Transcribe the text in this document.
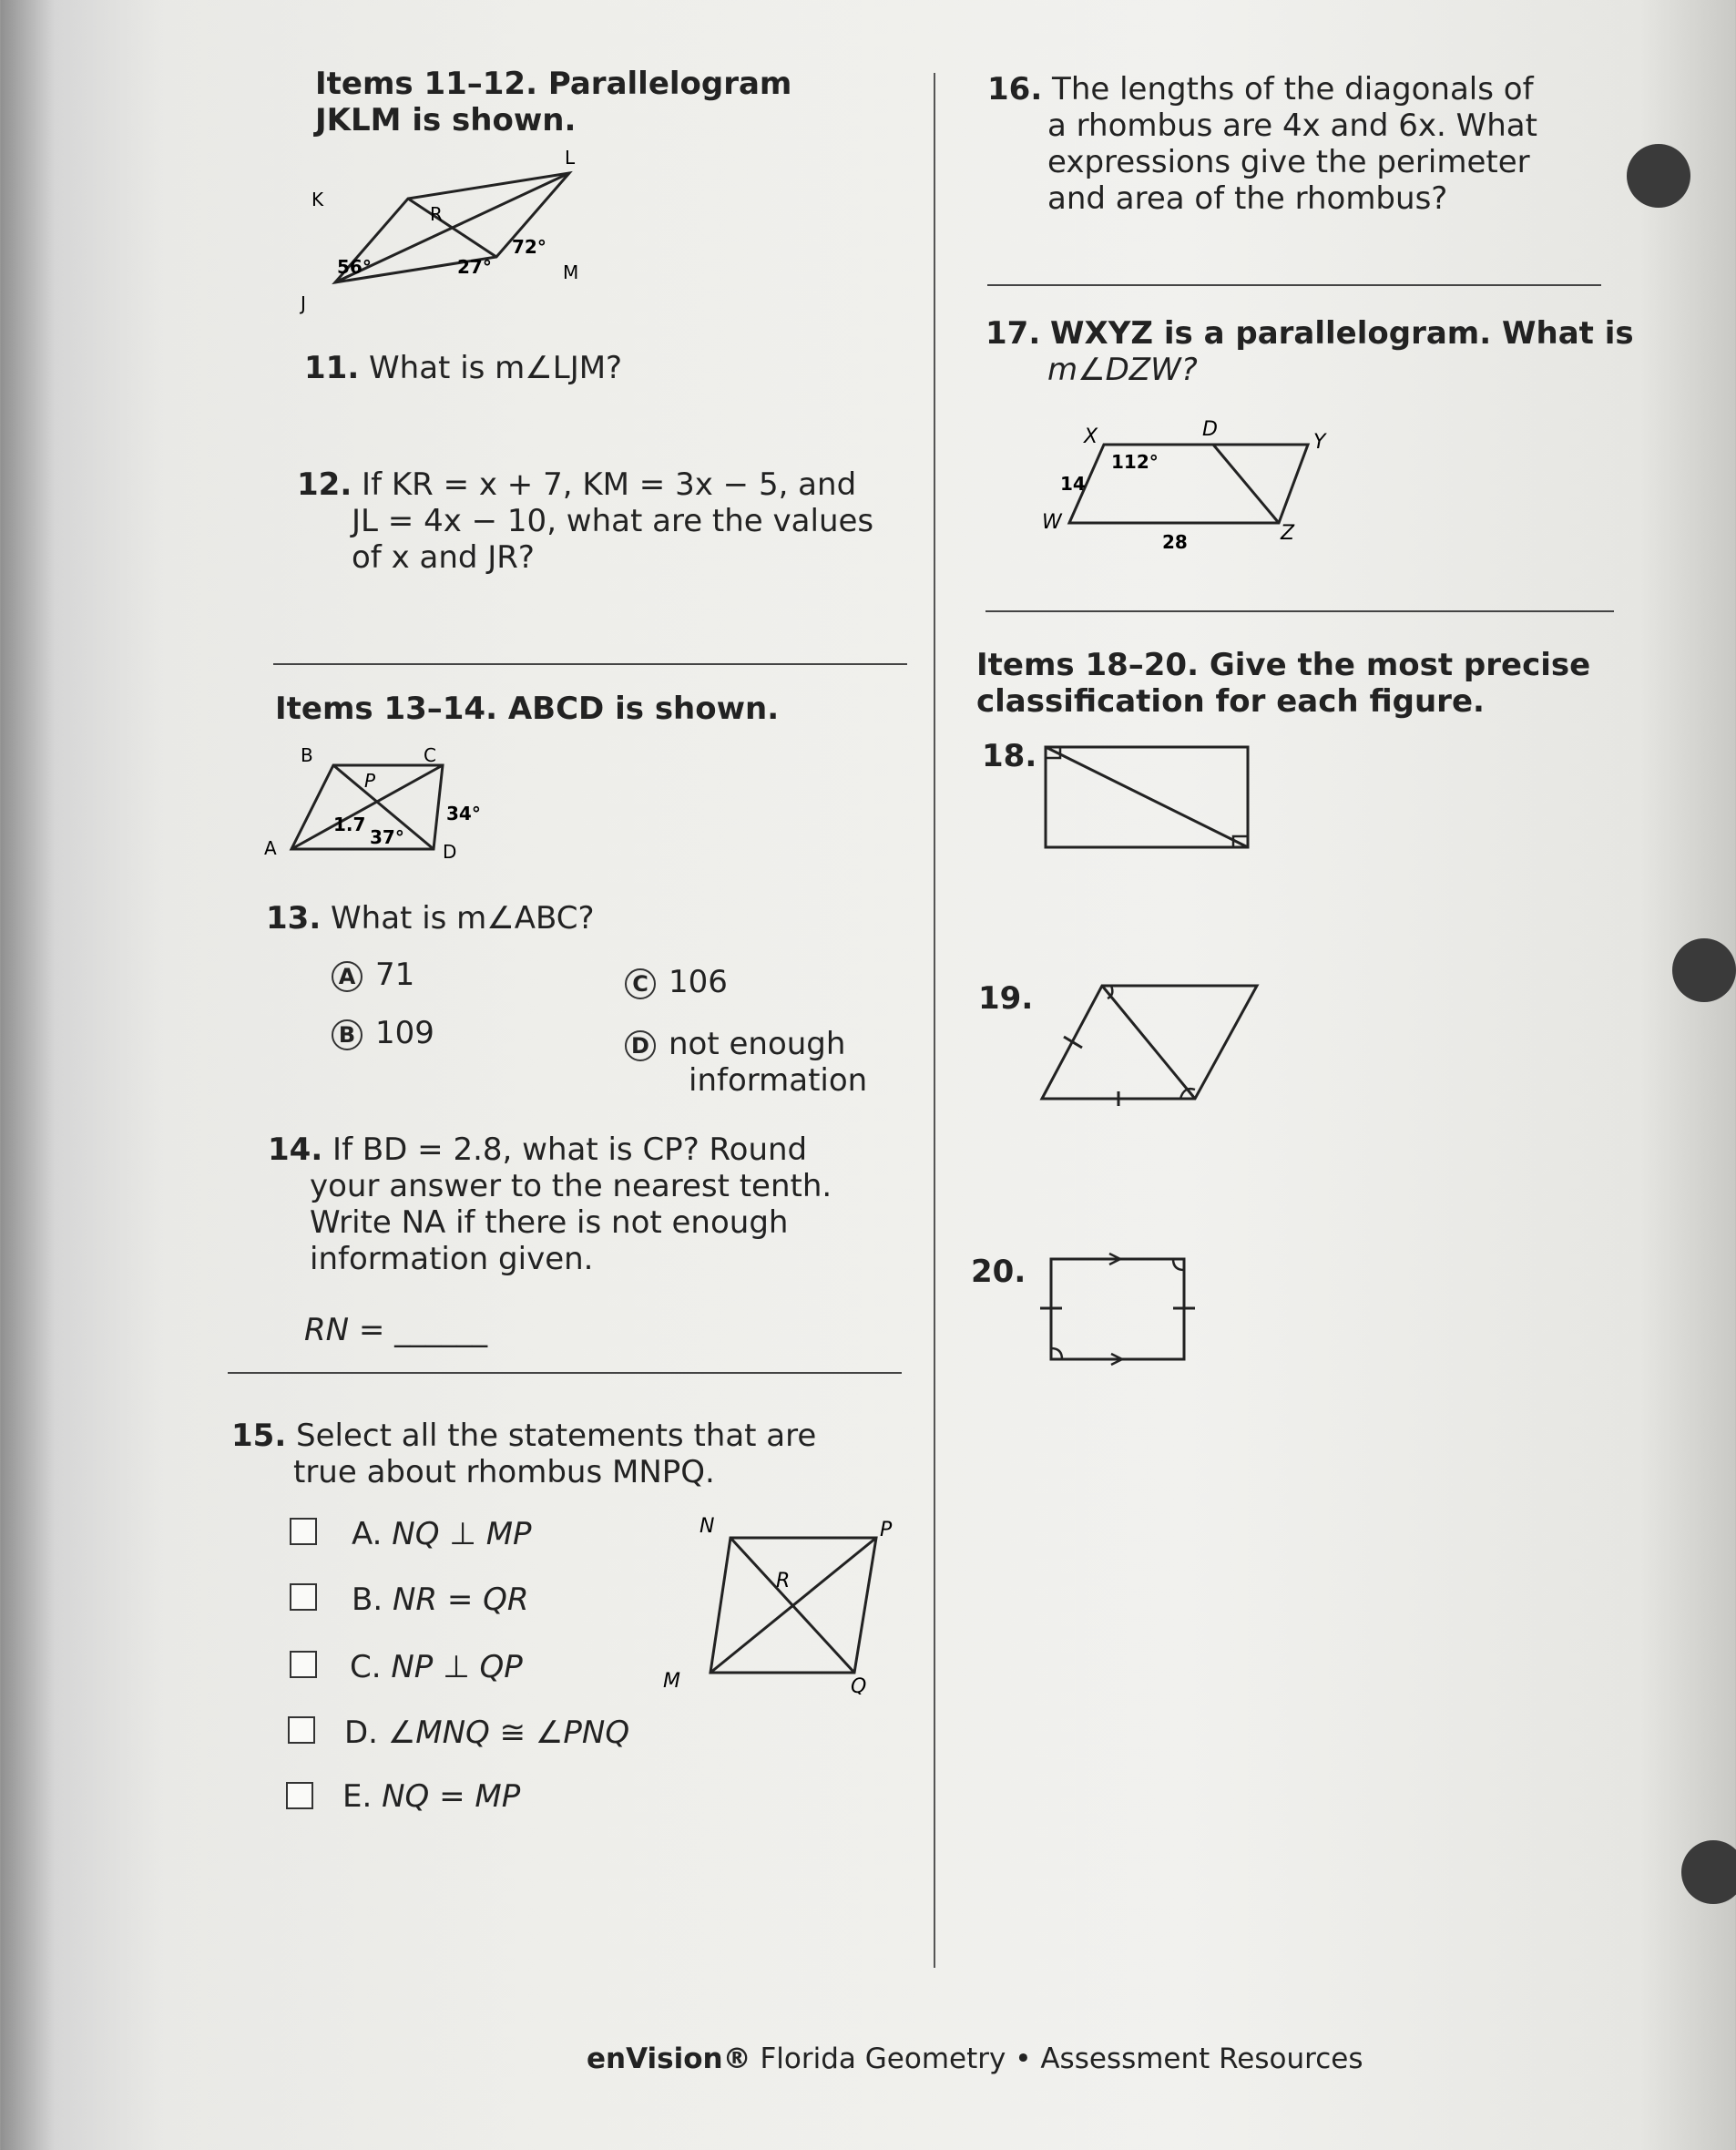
Items 11–12. Parallelogram JKLM is shown.
L
K
R
72°
56°	27°	M
J
11. What is m∠LJM?
12. If KR = x + 7, KM = 3x − 5, and
JL = 4x − 10, what are the values
of x and JR?
Items 13–14. ABCD is shown.
B	C
P
34°
1.7
37°
A	D
13. What is m∠ABC?
A 71
B 109
C 106
D not enough
information
14. If BD = 2.8, what is CP? Round
your answer to the nearest tenth.
Write NA if there is not enough
information given.
RN = ______
15. Select all the statements that are
true about rhombus MNPQ.
A. NQ ⊥ MP
B. NR = QR
C. NP ⊥ QP
D. ∠MNQ ≅ ∠PNQ
E. NQ = MP
N	P
R
M	Q
16. The lengths of the diagonals of
a rhombus are 4x and 6x. What
expressions give the perimeter
and area of the rhombus?
17. WXYZ is a parallelogram. What is
m∠DZW?
X	D
Y
112°
14
W	Z
28
Items 18–20. Give the most precise
classification for each figure.
18.
19.
20.
enVision® Florida Geometry • Assessment Resources
